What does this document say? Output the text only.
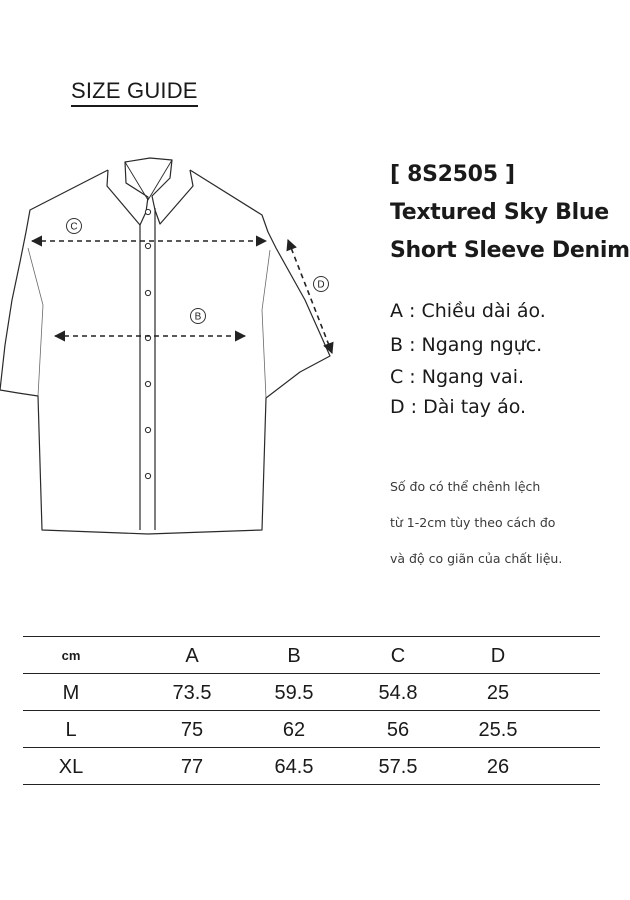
SIZE GUIDE
C
B
D
[ 8S2505 ]
Textured Sky Blue
Short Sleeve Denim
A : Chiều dài áo.
B : Ngang ngực.
C : Ngang vai.
D : Dài tay áo.
Số đo có thể chênh lệch
từ 1-2cm tùy theo cách đo
và độ co giãn của chất liệu.
cm	A	B	C	D
M	73.5	59.5	54.8	25
L	75	62	56	25.5
XL	77	64.5	57.5	26
